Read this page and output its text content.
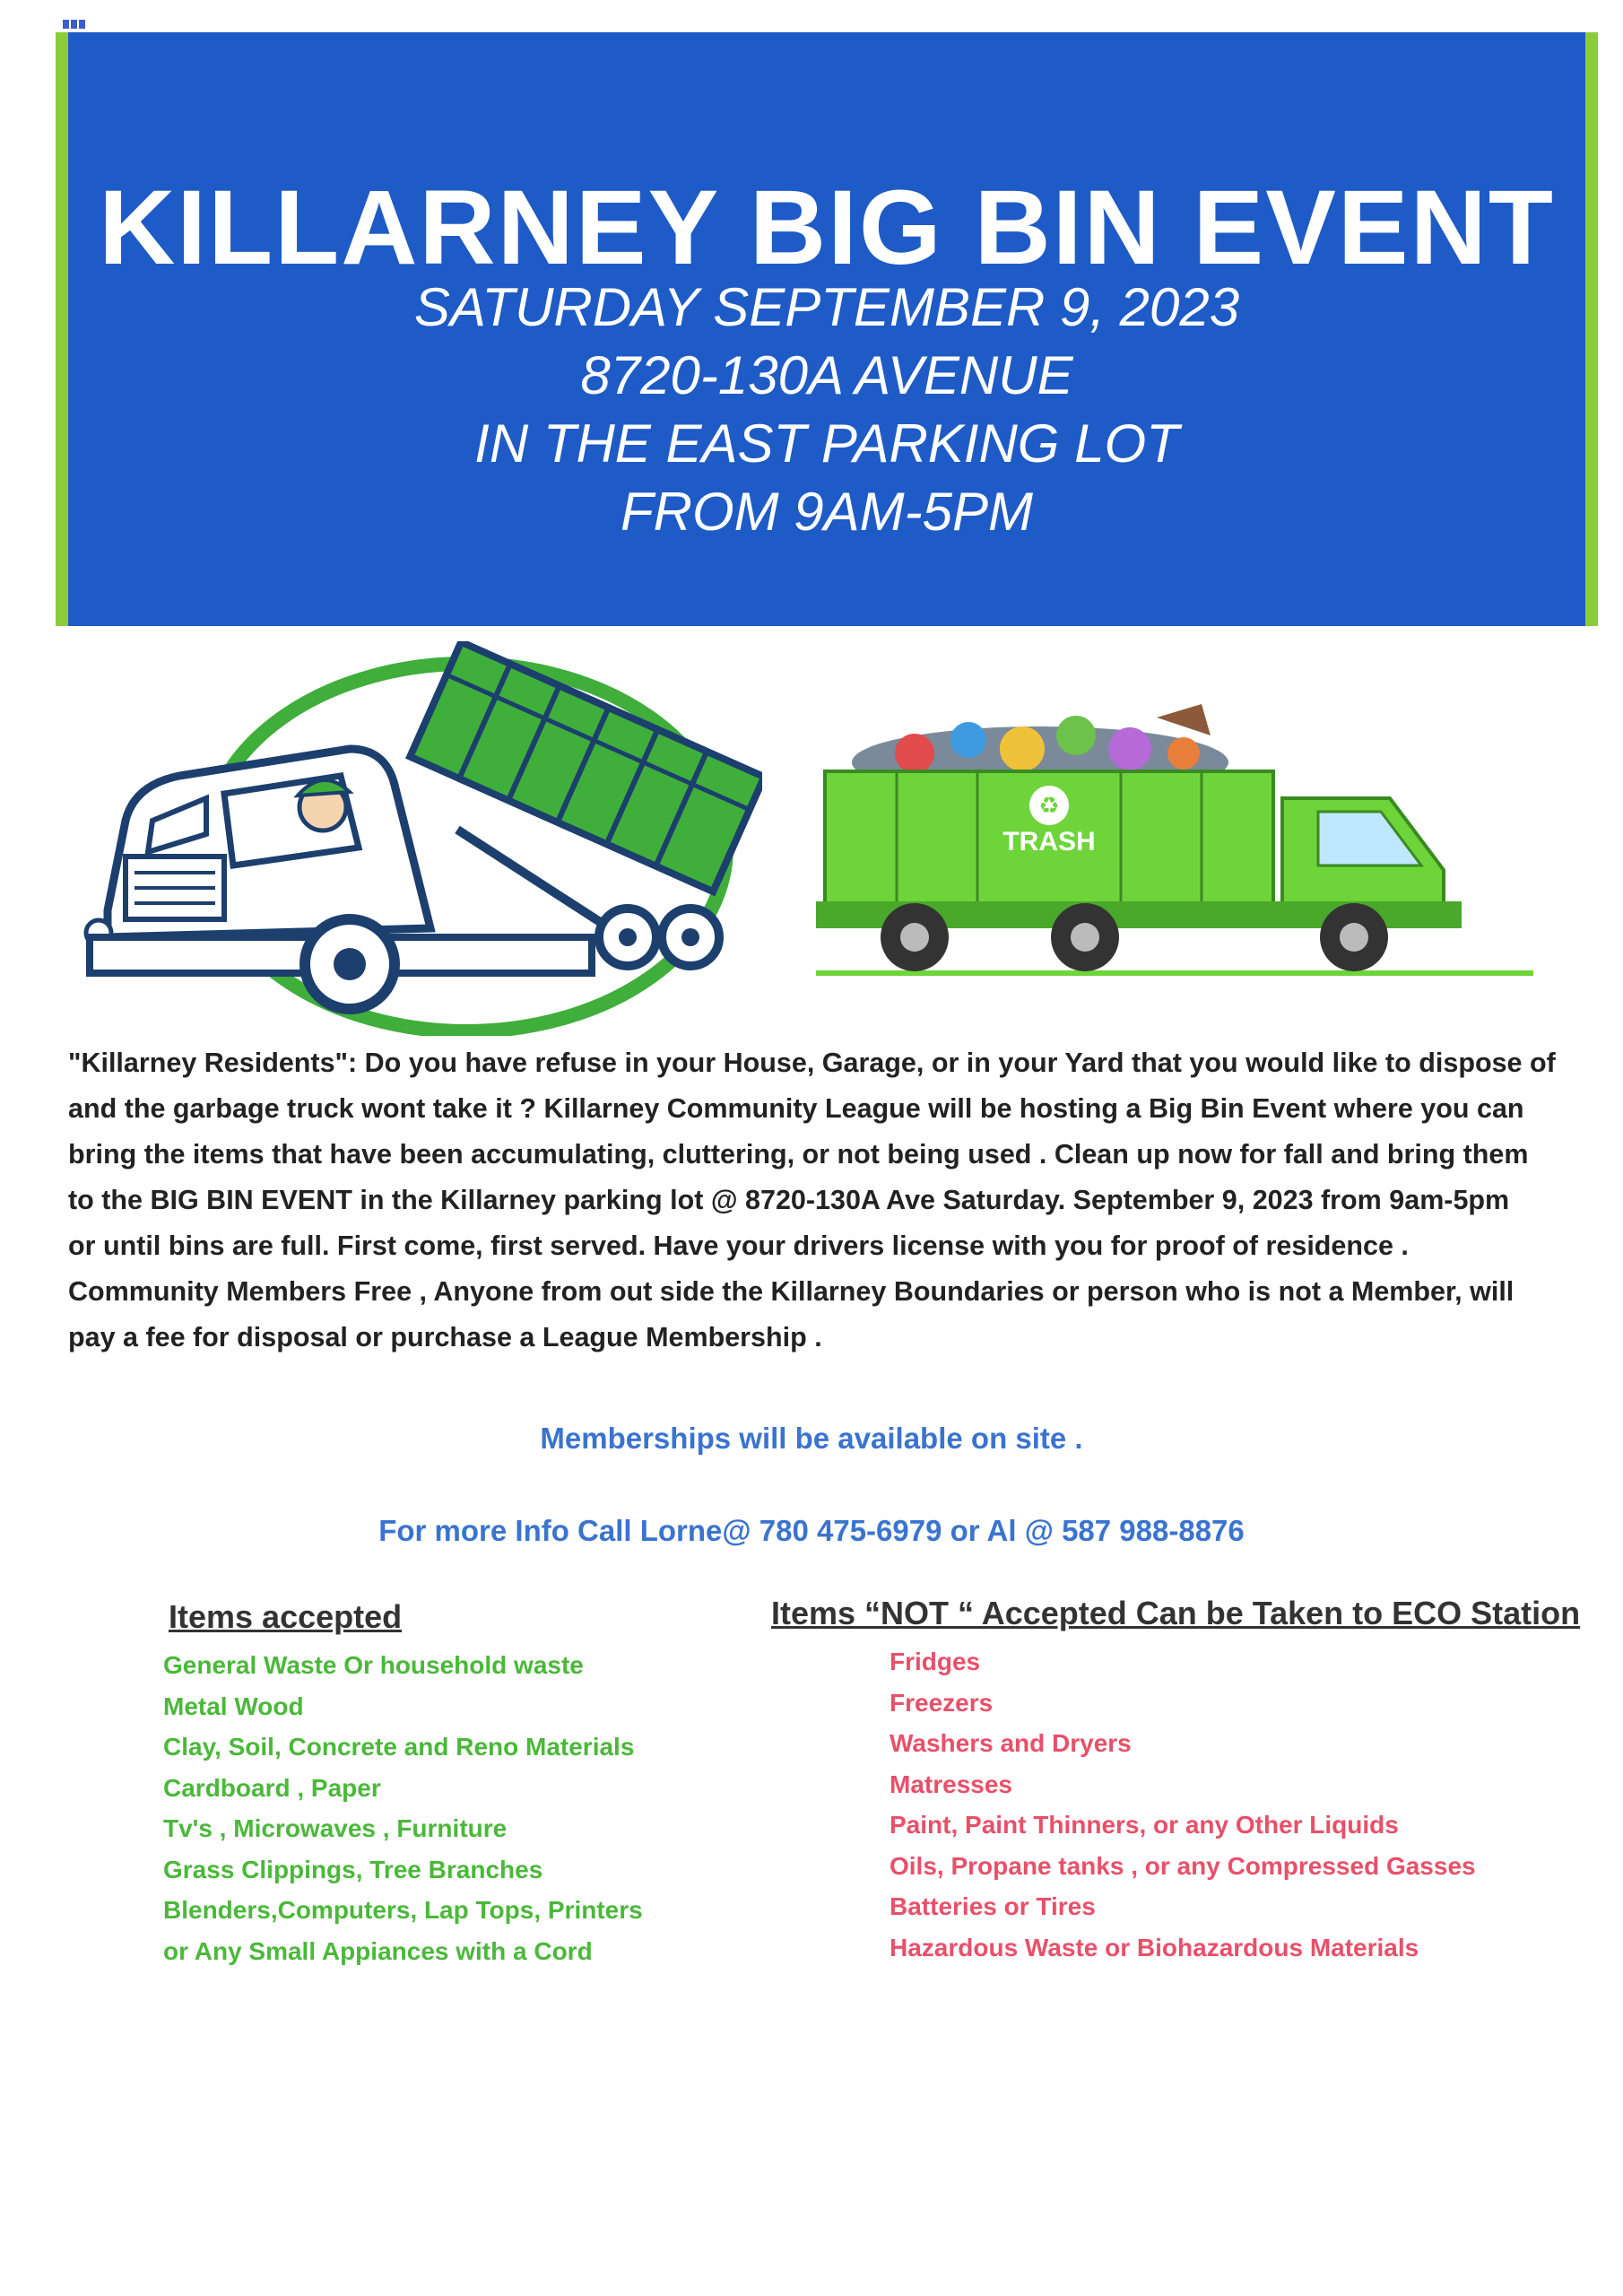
KILLARNEY BIG BIN EVENT
SATURDAY SEPTEMBER 9, 2023
8720-130A AVENUE
IN THE EAST PARKING LOT
FROM 9AM-5PM
♻
TRASH
"Killarney Residents": Do you have refuse in your House, Garage, or in your Yard that you would like to dispose of
and the garbage truck wont take it ? Killarney Community League will be hosting a Big Bin Event where you can
bring the items that have been accumulating, cluttering, or not being used . Clean up now for fall and bring them
to the BIG BIN EVENT in the Killarney parking lot @ 8720-130A Ave Saturday. September 9, 2023 from 9am-5pm
or until bins are full. First come, first served. Have your drivers license with you for proof of residence .
Community Members Free , Anyone from out side the Killarney Boundaries or person who is not a Member, will
pay a fee for disposal or purchase a League Membership .
Memberships will be available on site .
For more Info Call Lorne@ 780 475-6979 or Al @ 587 988-8876
Items accepted
General Waste Or household waste
Metal Wood
Clay, Soil, Concrete and Reno Materials
Cardboard , Paper
Tv's , Microwaves , Furniture
Grass Clippings, Tree Branches
Blenders,Computers, Lap Tops, Printers
or Any Small Appiances with a Cord
Items “NOT “ Accepted Can be Taken to ECO Station
Fridges
Freezers
Washers and Dryers
Matresses
Paint, Paint Thinners, or any Other Liquids
Oils, Propane tanks , or any Compressed Gasses
Batteries or Tires
Hazardous Waste or Biohazardous Materials
